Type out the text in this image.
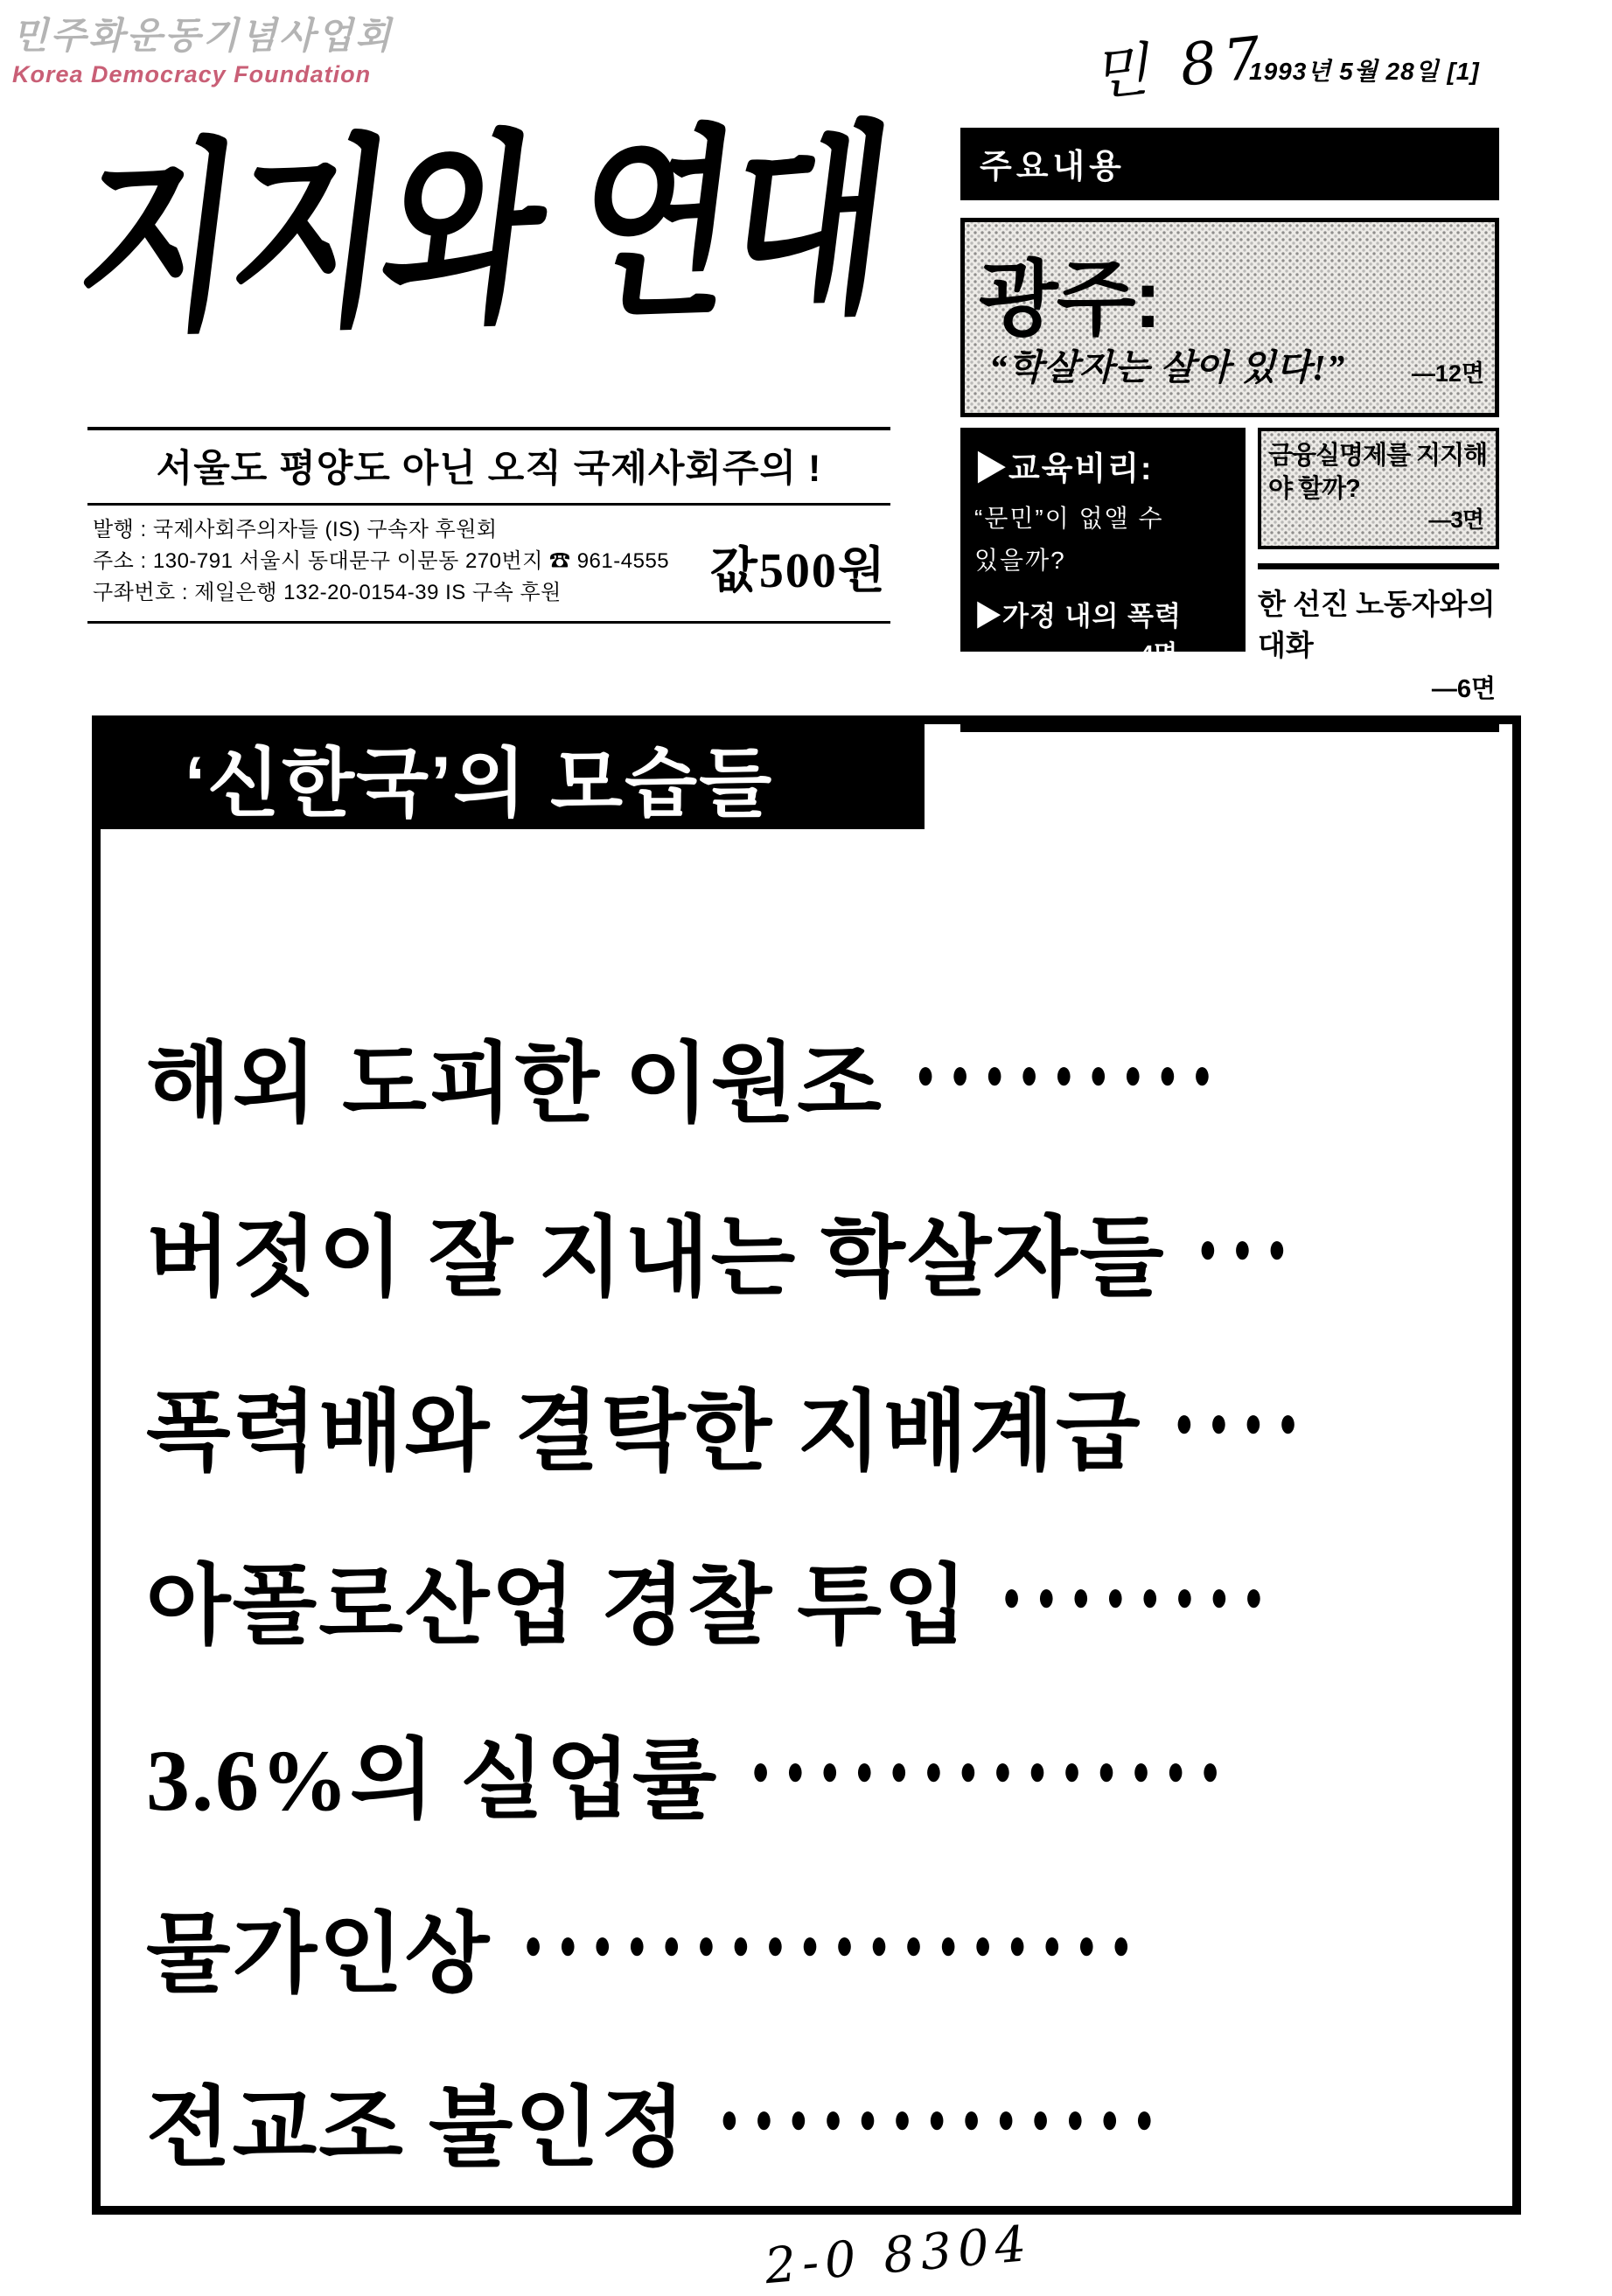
민주화운동기념사업회
Korea Democracy Foundation	민 87
1993년 5월 28일 [1]
지지와 연대
서울도 평양도 아닌 오직 국제사회주의 !
발행 : 국제사회주의자들 (IS) 구속자 후원회
주소 : 130-791 서울시 동대문구 이문동 270번지 ☎ 961-4555
구좌번호 : 제일은행 132-20-0154-39 IS 구속 후원	값500원
주요내용
광주:
“학살자는 살아 있다!”	—12면
▶교육비리:
“문민”이 없앨 수
있을까?
▶가정 내의 폭력
—4면
금융실명제를 지지해야 할까?
—3면
한 선진 노동자와의 대화
—6면
‘신한국’의 모습들
해외 도피한 이원조 ●●●●●●●●●
버젓이 잘 지내는 학살자들 ●●●
폭력배와 결탁한 지배계급 ●●●●
아폴로산업 경찰 투입 ●●●●●●●●
3.6%의 실업률 ●●●●●●●●●●●●●●
물가인상 ●●●●●●●●●●●●●●●●●●
전교조 불인정 ●●●●●●●●●●●●●
2-0 8304
